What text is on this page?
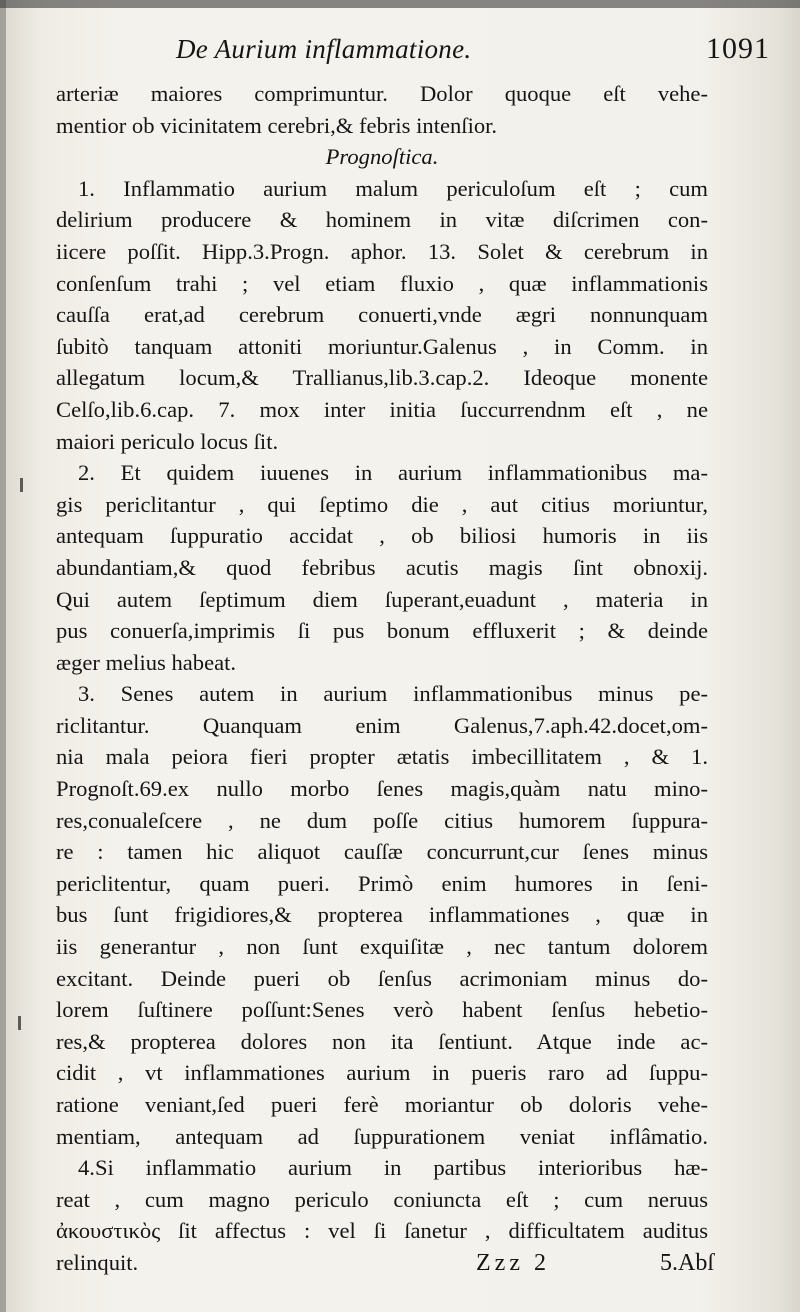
De Aurium inflammatione.	1091
arteriæ maiores comprimuntur. Dolor quoque eſt vehe-
mentior ob vicinitatem cerebri,& febris intenſior.
Prognoſtica.
1. Inflammatio aurium malum periculoſum eſt ; cum
delirium producere & hominem in vitæ diſcrimen con-
iicere poſſit. Hipp.3.Progn. aphor. 13. Solet & cerebrum in
conſenſum trahi ; vel etiam fluxio , quæ inflammationis
cauſſa erat,ad cerebrum conuerti,vnde ægri nonnunquam
ſubitò tanquam attoniti moriuntur.Galenus , in Comm. in
allegatum locum,& Trallianus,lib.3.cap.2. Ideoque monente
Celſo,lib.6.cap. 7. mox inter initia ſuccurrendnm eſt , ne
maiori periculo locus ſit.
2. Et quidem iuuenes in aurium inflammationibus ma-
gis periclitantur , qui ſeptimo die , aut citius moriuntur,
antequam ſuppuratio accidat , ob biliosi humoris in iis
abundantiam,& quod febribus acutis magis ſint obnoxij.
Qui autem ſeptimum diem ſuperant,euadunt , materia in
pus conuerſa,imprimis ſi pus bonum effluxerit ; & deinde
æger melius habeat.
3. Senes autem in aurium inflammationibus minus pe-
riclitantur. Quanquam enim Galenus,7.aph.42.docet,om-
nia mala peiora fieri propter ætatis imbecillitatem , & 1.
Prognoſt.69.ex nullo morbo ſenes magis,quàm natu mino-
res,conualeſcere , ne dum poſſe citius humorem ſuppura-
re : tamen hic aliquot cauſſæ concurrunt,cur ſenes minus
periclitentur, quam pueri. Primò enim humores in ſeni-
bus ſunt frigidiores,& propterea inflammationes , quæ in
iis generantur , non ſunt exquiſitæ , nec tantum dolorem
excitant. Deinde pueri ob ſenſus acrimoniam minus do-
lorem ſuſtinere poſſunt:Senes verò habent ſenſus hebetio-
res,& propterea dolores non ita ſentiunt. Atque inde ac-
cidit , vt inflammationes aurium in pueris raro ad ſuppu-
ratione veniant,ſed pueri ferè moriantur ob doloris vehe-
mentiam, antequam ad ſuppurationem veniat inflâmatio.
4.Si inflammatio aurium in partibus interioribus hæ-
reat , cum magno periculo coniuncta eſt ; cum neruus
ἀκουστικὸς ſit affectus : vel ſi ſanetur , difficultatem auditus
relinquit.	Zzz 2	5.Abſ
